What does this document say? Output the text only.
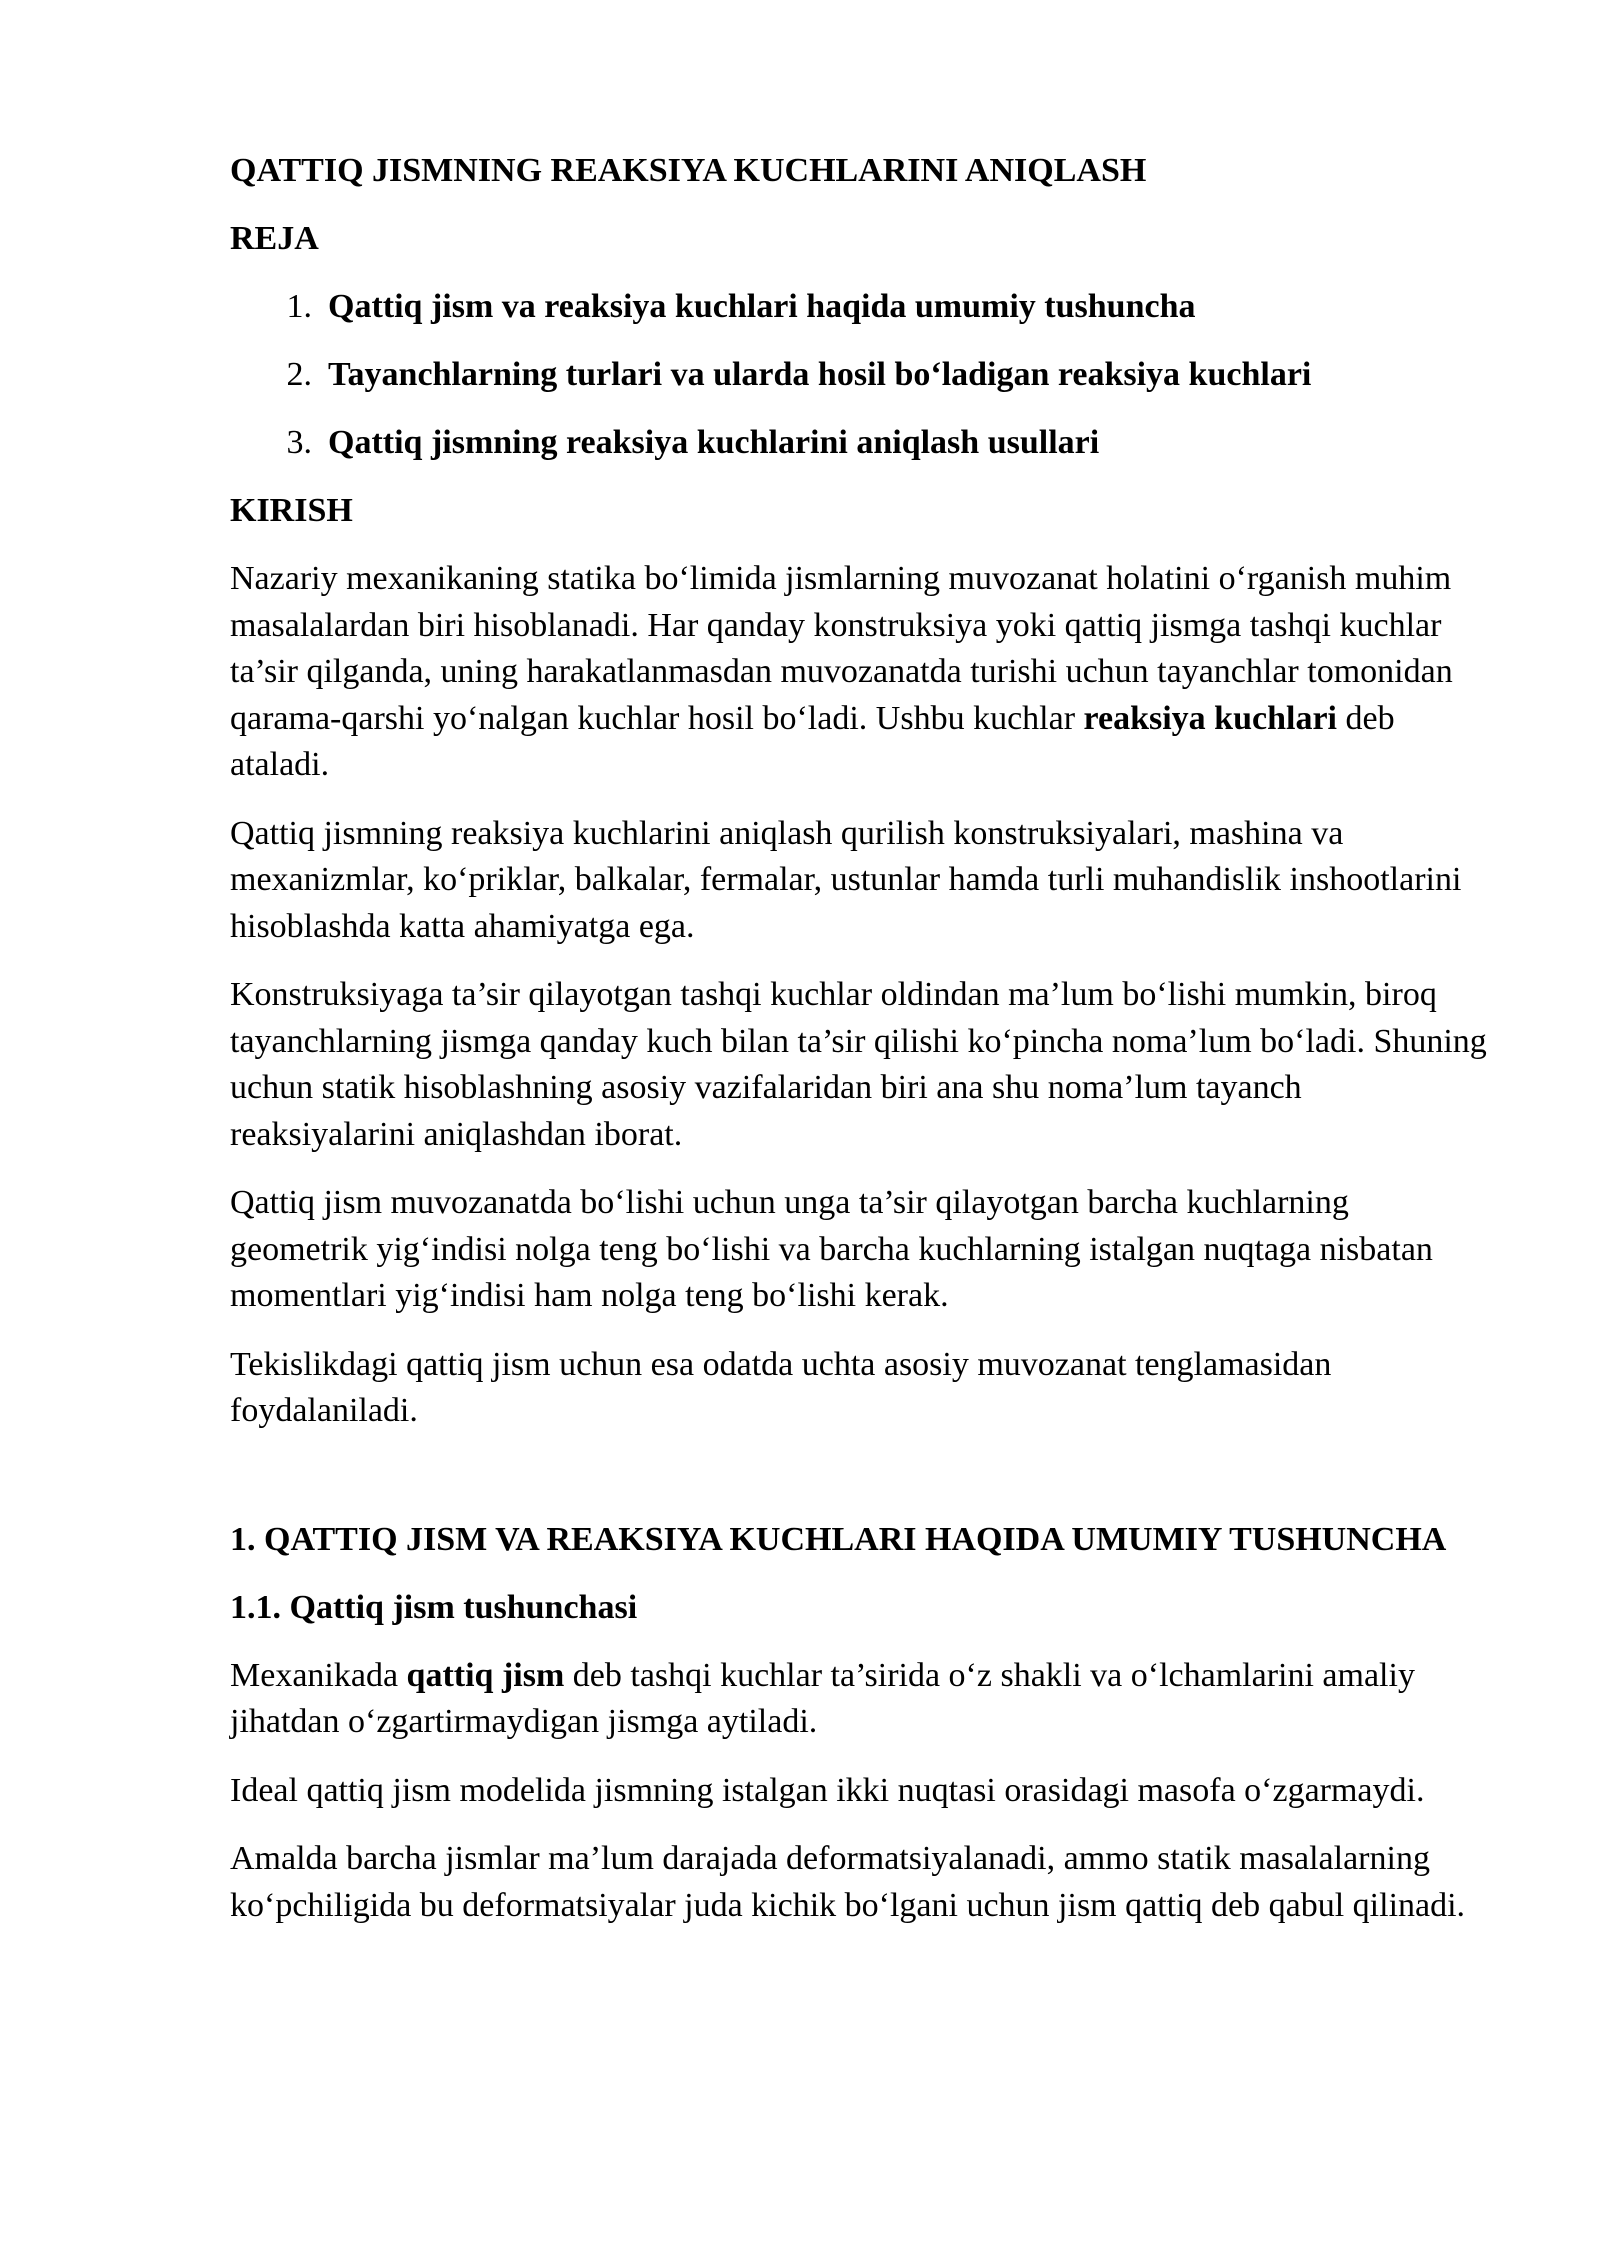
QATTIQ JISMNING REAKSIYA KUCHLARINI ANIQLASH
REJA
1. Qattiq jism va reaksiya kuchlari haqida umumiy tushuncha
2. Tayanchlarning turlari va ularda hosil bo‘ladigan reaksiya kuchlari
3. Qattiq jismning reaksiya kuchlarini aniqlash usullari
KIRISH

Nazariy mexanikaning statika bo‘limida jismlarning muvozanat holatini o‘rganish muhim masalalardan biri hisoblanadi. Har qanday konstruksiya yoki qattiq jismga tashqi kuchlar ta’sir qilganda, uning harakatlanmasdan muvozanatda turishi uchun tayanchlar tomonidan qarama-qarshi yo‘nalgan kuchlar hosil bo‘ladi. Ushbu kuchlar reaksiya kuchlari deb ataladi.

Qattiq jismning reaksiya kuchlarini aniqlash qurilish konstruksiyalari, mashina va mexanizmlar, ko‘priklar, balkalar, fermalar, ustunlar hamda turli muhandislik inshootlarini hisoblashda katta ahamiyatga ega.

Konstruksiyaga ta’sir qilayotgan tashqi kuchlar oldindan ma’lum bo‘lishi mumkin, biroq tayanchlarning jismga qanday kuch bilan ta’sir qilishi ko‘pincha noma’lum bo‘ladi. Shuning uchun statik hisoblashning asosiy vazifalaridan biri ana shu noma’lum tayanch reaksiyalarini aniqlashdan iborat.

Qattiq jism muvozanatda bo‘lishi uchun unga ta’sir qilayotgan barcha kuchlarning geometrik yig‘indisi nolga teng bo‘lishi va barcha kuchlarning istalgan nuqtaga nisbatan momentlari yig‘indisi ham nolga teng bo‘lishi kerak.

Tekislikdagi qattiq jism uchun esa odatda uchta asosiy muvozanat tenglamasidan foydalaniladi.

1. QATTIQ JISM VA REAKSIYA KUCHLARI HAQIDA UMUMIY TUSHUNCHA
1.1. Qattiq jism tushunchasi

Mexanikada qattiq jism deb tashqi kuchlar ta’sirida o‘z shakli va o‘lchamlarini amaliy jihatdan o‘zgartirmaydigan jismga aytiladi.

Ideal qattiq jism modelida jismning istalgan ikki nuqtasi orasidagi masofa o‘zgarmaydi.

Amalda barcha jismlar ma’lum darajada deformatsiyalanadi, ammo statik masalalarning ko‘pchiligida bu deformatsiyalar juda kichik bo‘lgani uchun jism qattiq deb qabul qilinadi.
